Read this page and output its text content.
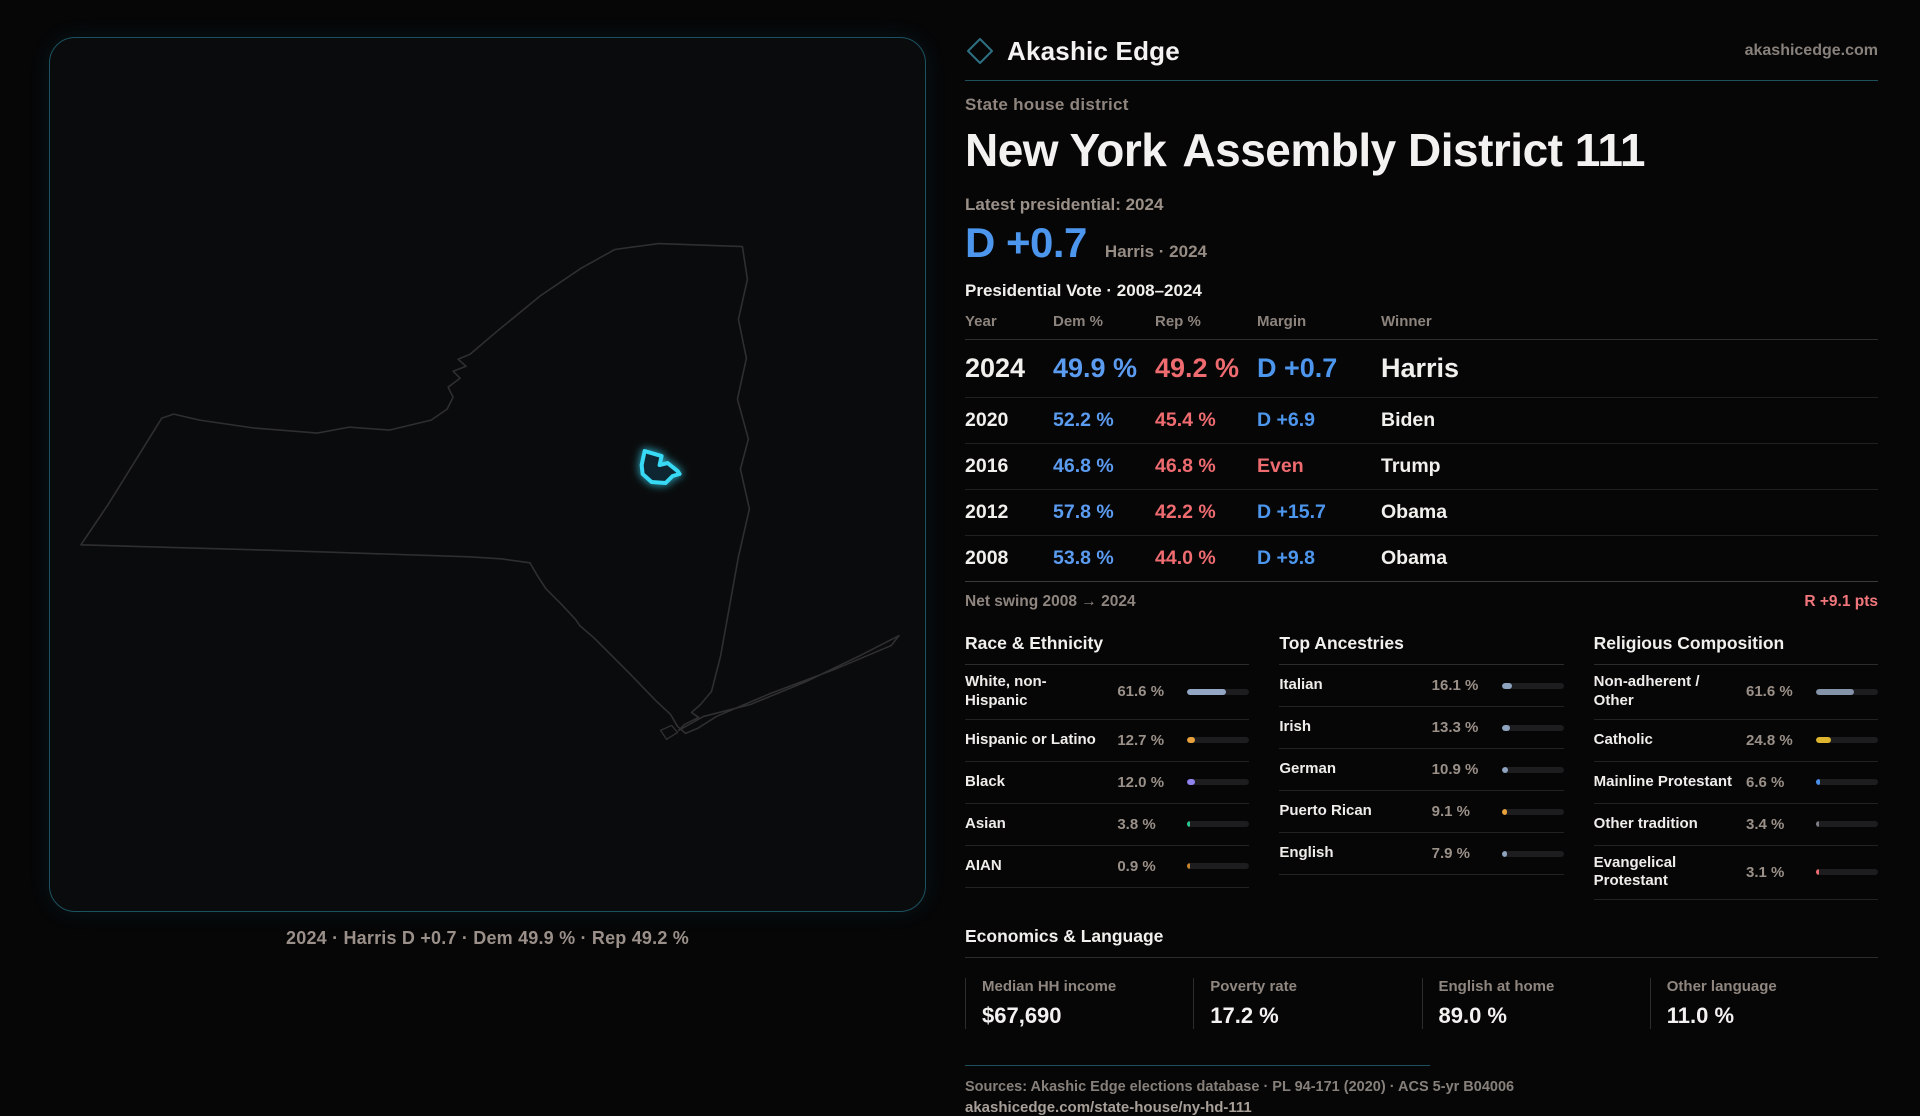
2024 · Harris D +0.7 · Dem 49.9 % · Rep 49.2 %
Akashic Edge	akashicedge.com
State house district
New York Assembly District 111
Latest presidential: 2024
D +0.7 Harris · 2024
Presidential Vote · 2008–2024
Year	Dem %	Rep %	Margin	Winner
2024	49.9 % 49.2 % D +0.7	Harris
2020	52.2 %	45.4 %	D +6.9	Biden
2016	46.8 %	46.8 %	Even	Trump
2012	57.8 %	42.2 %	D +15.7	Obama
2008	53.8 %	44.0 %	D +9.8	Obama
Net swing 2008 → 2024	R +9.1 pts
Race & Ethnicity
White, non-Hispanic	61.6 %
Hispanic or Latino	12.7 %
Black	12.0 %
Asian	3.8 %
AIAN	0.9 %
Top Ancestries
Italian	16.1 %
Irish	13.3 %
German	10.9 %
Puerto Rican	9.1 %
English	7.9 %
Religious Composition
Non-adherent / Other	61.6 %
Catholic	24.8 %
Mainline Protestant 6.6 %
Other tradition	3.4 %
Evangelical Protestant	3.1 %
Economics & Language
Median HH income
$67,690
Poverty rate
17.2 %
English at home
89.0 %
Other language
11.0 %
Sources: Akashic Edge elections database · PL 94-171 (2020) · ACS 5-yr B04006
akashicedge.com/state-house/ny-hd-111
